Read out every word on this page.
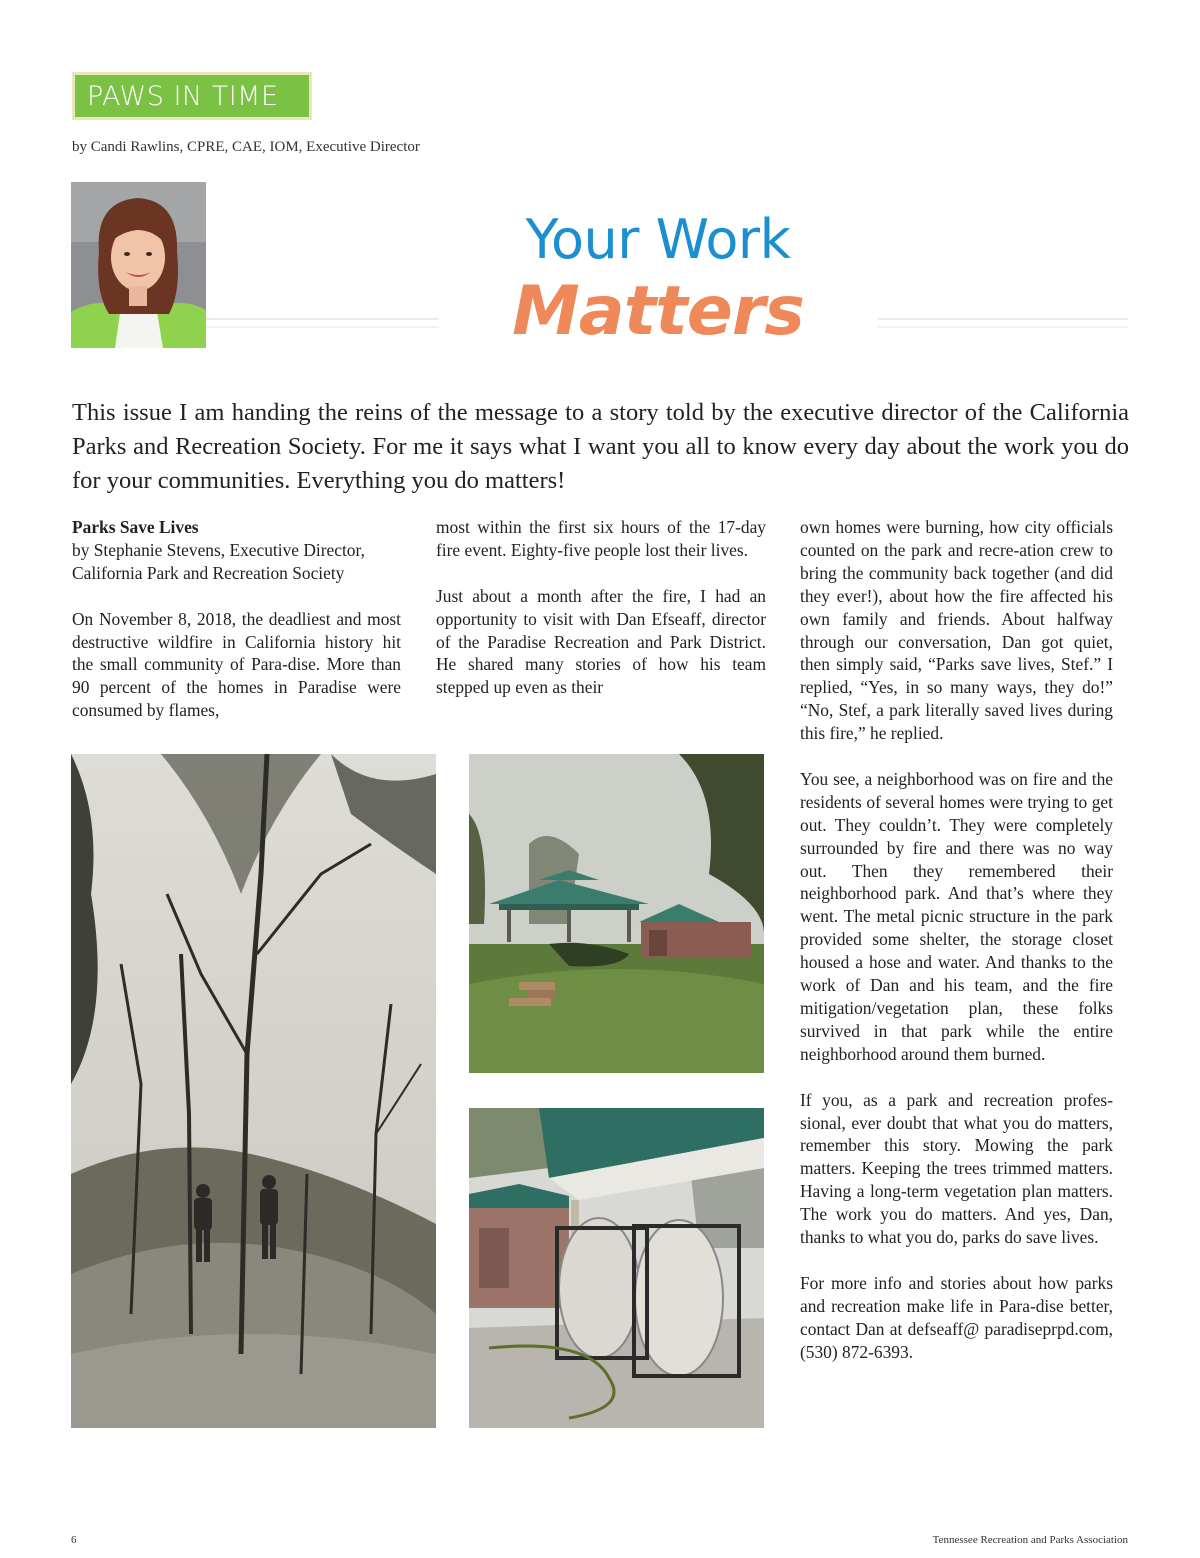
PAWS IN TIME
by Candi Rawlins, CPRE, CAE, IOM, Executive Director
Your Work
Matters
This issue I am handing the reins of the message to a story told by the executive director of the California Parks and Recreation Society. For me it says what I want you all to know every day about the work you do for your communities. Everything you do matters!

Parks Save Lives

by Stephanie Stevens, Executive Director,
California Park and Recreation Society

On November 8, 2018, the deadliest and most destructive wildfire in California history hit the small community of Para-dise. More than 90 percent of the homes in Paradise were consumed by flames,

most within the first six hours of the 17-day fire event. Eighty-five people lost their lives.

Just about a month after the fire, I had an opportunity to visit with Dan Efseaff, director of the Paradise Recreation and Park District. He shared many stories of how his team stepped up even as their

own homes were burning, how city officials counted on the park and recre-ation crew to bring the community back together (and did they ever!), about how the fire affected his own family and friends. About halfway through our conversation, Dan got quiet, then simply said, “Parks save lives, Stef.” I replied, “Yes, in so many ways, they do!” “No, Stef, a park literally saved lives during this fire,” he replied.

You see, a neighborhood was on fire and the residents of several homes were trying to get out. They couldn’t. They were completely surrounded by fire and there was no way out. Then they remembered their neighborhood park. And that’s where they went. The metal picnic structure in the park provided some shelter, the storage closet housed a hose and water. And thanks to the work of Dan and his team, and the fire mitigation/vegetation plan, these folks survived in that park while the entire neighborhood around them burned.

If you, as a park and recreation profes-sional, ever doubt that what you do matters, remember this story. Mowing the park matters. Keeping the trees trimmed matters. Having a long-term vegetation plan matters. The work you do matters. And yes, Dan, thanks to what you do, parks do save lives.

For more info and stories about how parks and recreation make life in Para-dise better, contact Dan at defseaff@ paradiseprpd.com, (530) 872-6393.

6	Tennessee Recreation and Parks Association
